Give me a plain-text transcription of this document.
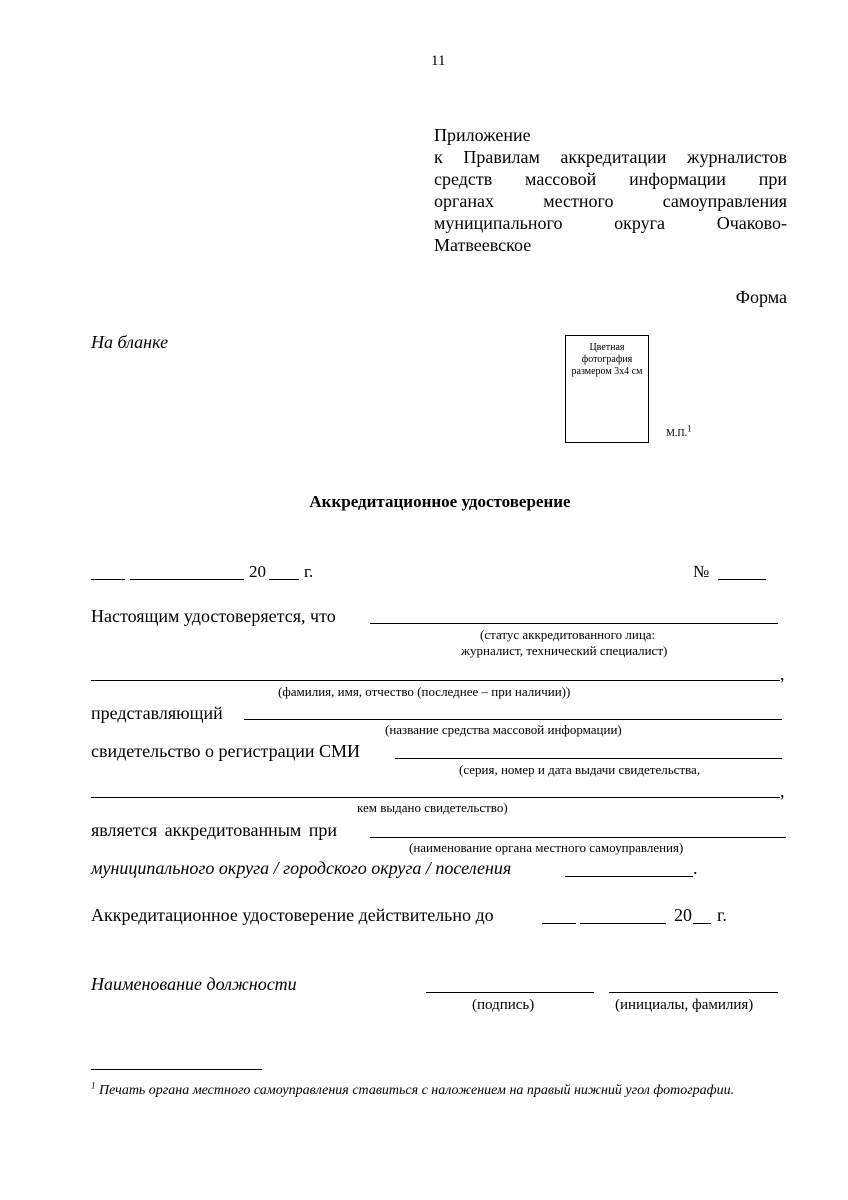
11
Приложение
к Правилам аккредитации журналистов
средств массовой информации при
органах местного самоуправления
муниципального округа Очаково-
Матвеевское
Форма
На бланке	Цветная фотография размером 3х4 см
М.П.$^1$
Аккредитационное удостоверение
20 г.	№
Настоящим удостоверяется, что
(статус аккредитованного лица:
журналист, технический специалист)
,
(фамилия, имя, отчество (последнее – при наличии))
представляющий
(название средства массовой информации)
свидетельство о регистрации СМИ
(серия, номер и дата выдачи свидетельства,
,
кем выдано свидетельство)
является аккредитованным при
(наименование органа местного самоуправления)
муниципального округа / городского округа / поселения	.
Аккредитационное удостоверение действительно до	20 г.
Наименование должности
(подпись)	(инициалы, фамилия)
$^1$ Печать органа местного самоуправления ставиться с наложением на правый нижний угол фотографии.
